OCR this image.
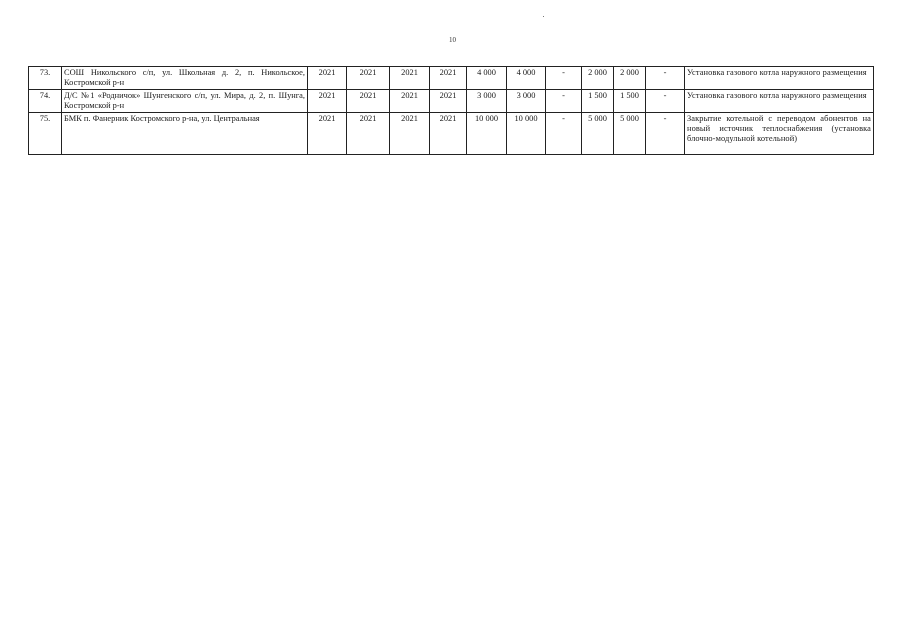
10
73.	СОШ Никольского с/п, ул. Школьная д. 2, п. Никольское, Костромской р-н	2021	2021	2021	2021	4 000	4 000	-	2 000	2 000	-	Установка газового котла наружного размещения
74.	Д/С №1 «Родничок» Шунгенского с/п, ул. Мира, д. 2, п. Шунга, Костромской р-н	2021	2021	2021	2021	3 000	3 000	-	1 500	1 500	-	Установка газового котла наружного размещения
75.	БМК п. Фанерник Костромского р-на, ул. Центральная	2021	2021	2021	2021	10 000	10 000	-	5 000	5 000	-	Закрытие котельной с переводом абонентов на новый источник теплоснабжения (установка блочно-модульной котельной)
